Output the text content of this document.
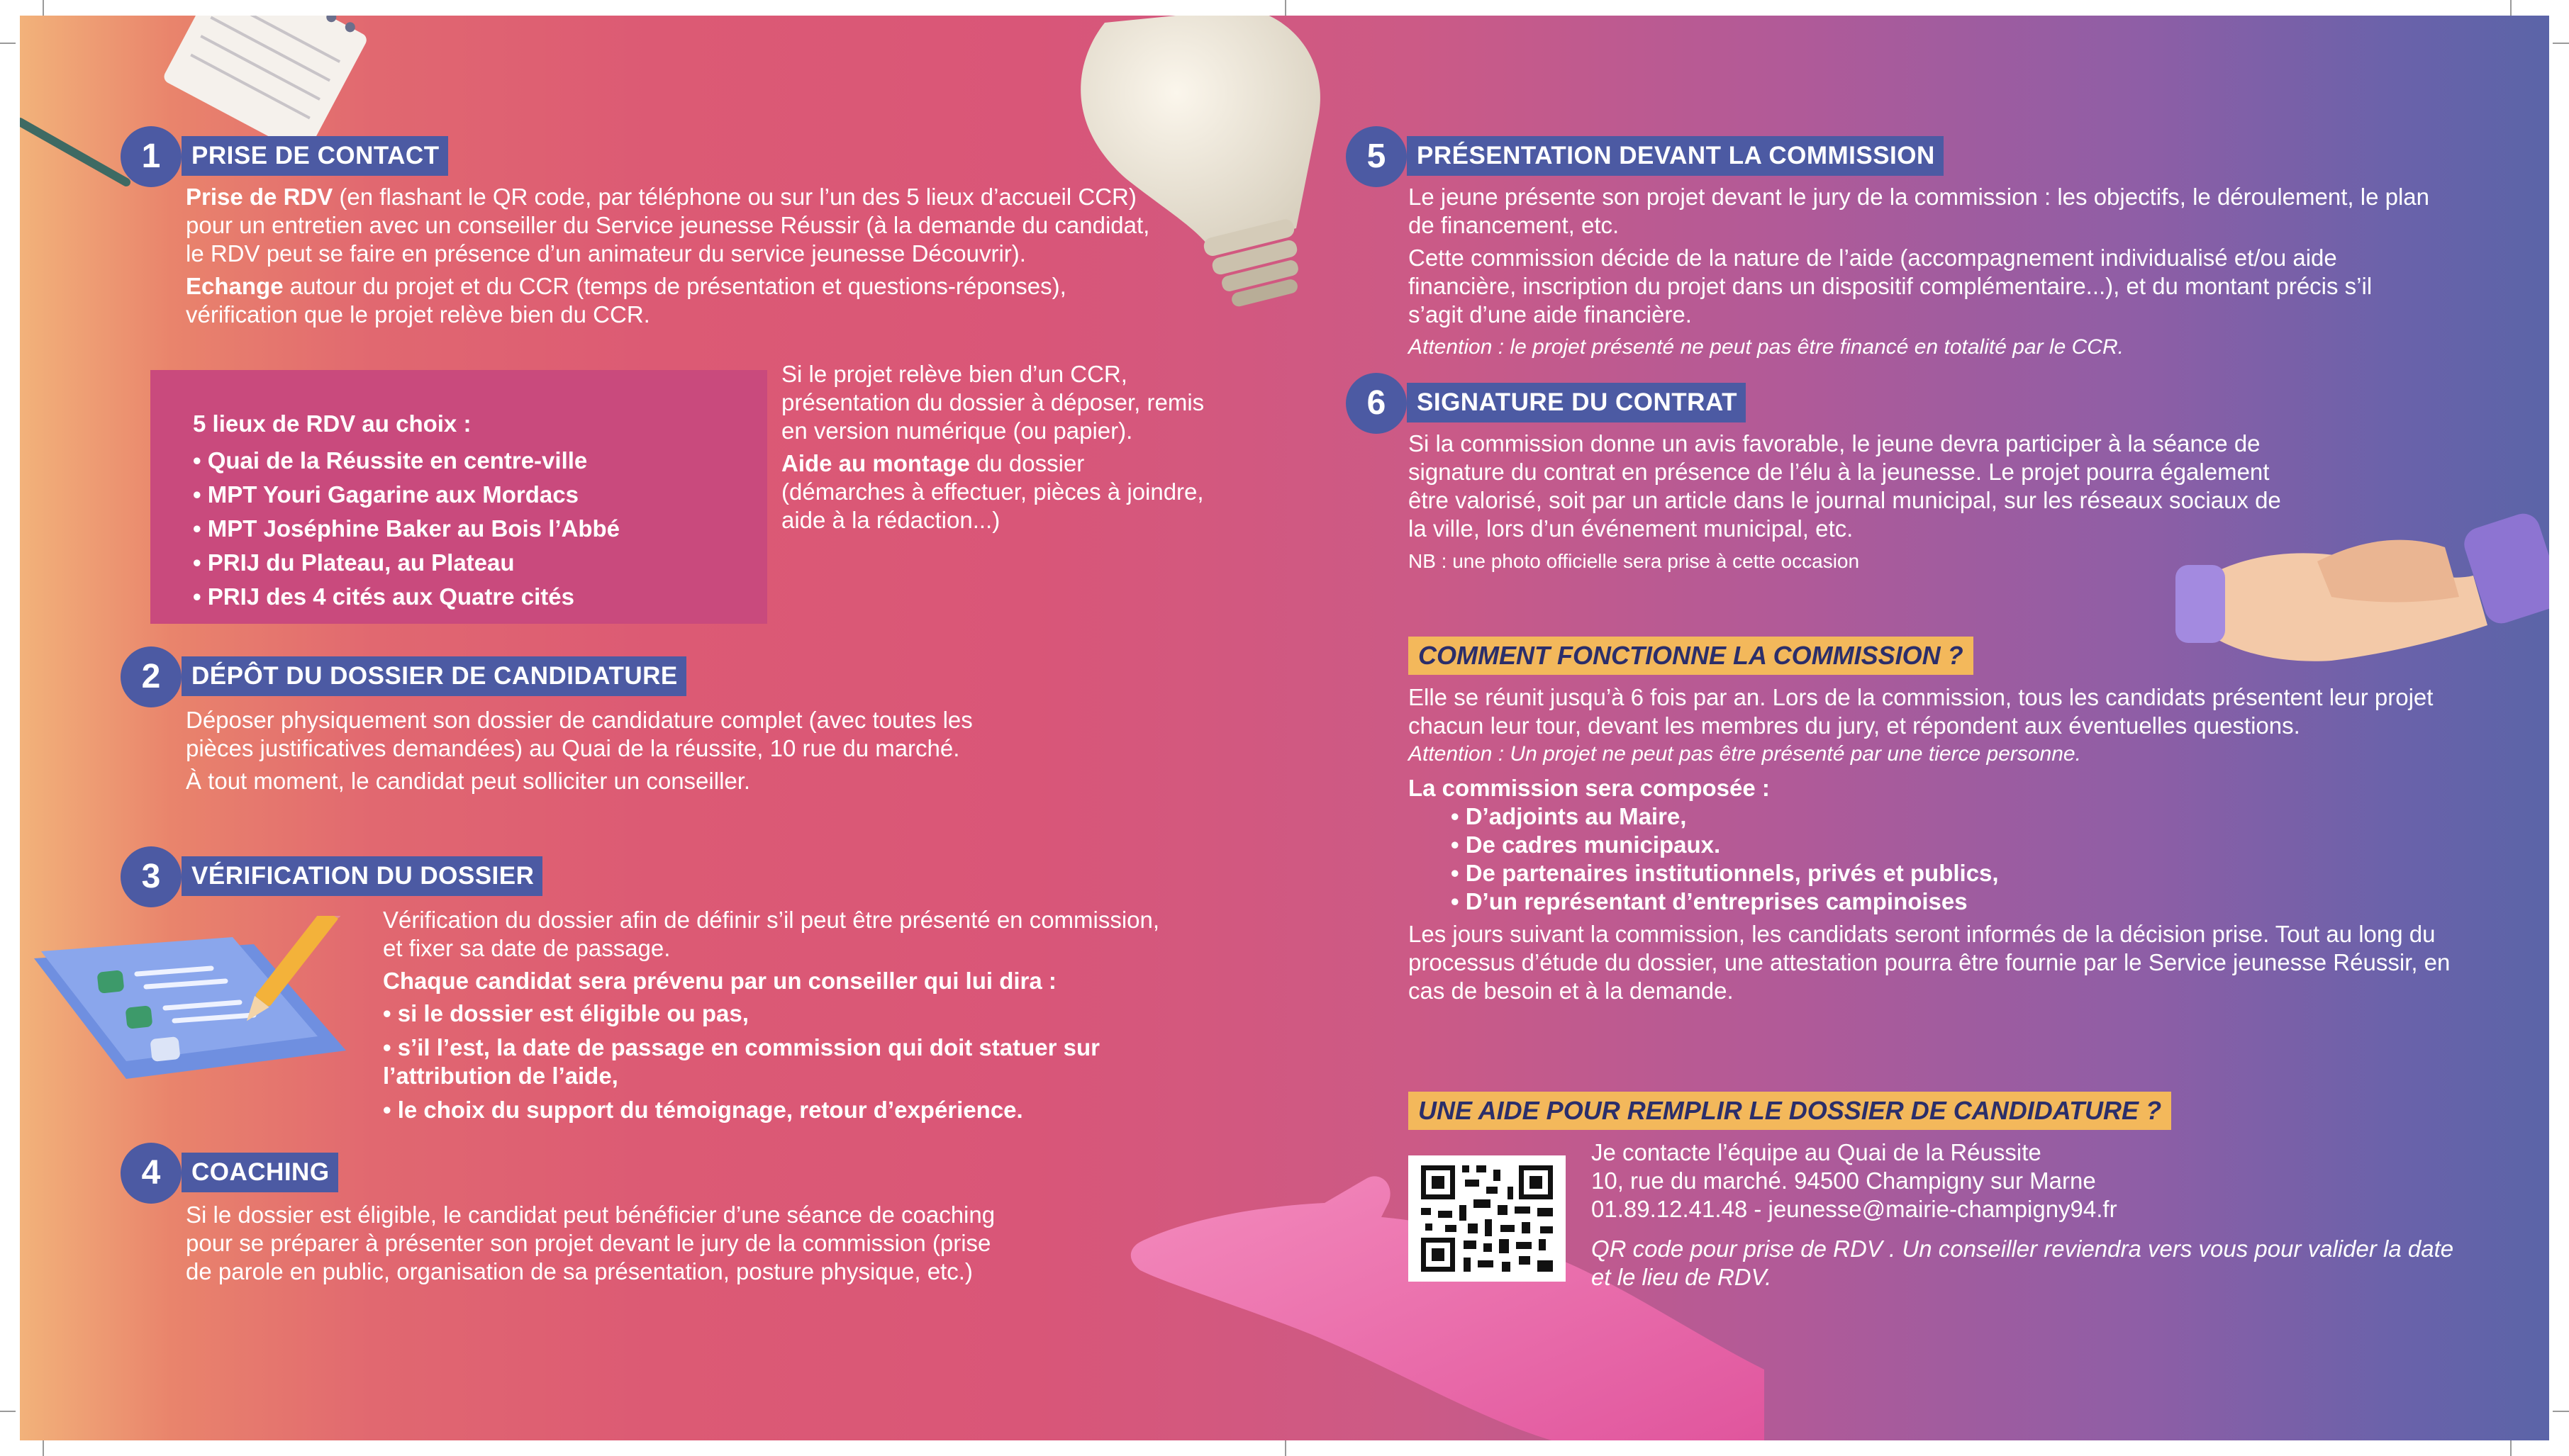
1	PRISE DE CONTACT

Prise de RDV (en flashant le QR code, par téléphone ou sur l’un des 5 lieux d’accueil CCR) pour un entretien avec un conseiller du Service jeunesse Réussir (à la demande du candidat, le RDV peut se faire en présence d’un animateur du service jeunesse Découvrir).

Echange autour du projet et du CCR (temps de présentation et questions-réponses), vérification que le projet relève bien du CCR.

5 lieux de RDV au choix :
• Quai de la Réussite en centre-ville
• MPT Youri Gagarine aux Mordacs
• MPT Joséphine Baker au Bois l’Abbé
• PRIJ du Plateau, au Plateau
• PRIJ des 4 cités aux Quatre cités

Si le projet relève bien d’un CCR, présentation du dossier à déposer, remis en version numérique (ou papier).

Aide au montage du dossier (démarches à effectuer, pièces à joindre, aide à la rédaction...)

2	DÉPÔT DU DOSSIER DE CANDIDATURE

Déposer physiquement son dossier de candidature complet (avec toutes les pièces justificatives demandées) au Quai de la réussite, 10 rue du marché.

À tout moment, le candidat peut solliciter un conseiller.

3	VÉRIFICATION DU DOSSIER

Vérification du dossier afin de définir s’il peut être présenté en commission, et fixer sa date de passage.

Chaque candidat sera prévenu par un conseiller qui lui dira :

• si le dossier est éligible ou pas,
• s’il l’est, la date de passage en commission qui doit statuer sur l’attribution de l’aide,
• le choix du support du témoignage, retour d’expérience.
4	COACHING

Si le dossier est éligible, le candidat peut bénéficier d’une séance de coaching pour se préparer à présenter son projet devant le jury de la commission (prise de parole en public, organisation de sa présentation, posture physique, etc.)

5	PRÉSENTATION DEVANT LA COMMISSION

Le jeune présente son projet devant le jury de la commission : les objectifs, le déroulement, le plan de financement, etc.

Cette commission décide de la nature de l’aide (accompagnement individualisé et/ou aide financière, inscription du projet dans un dispositif complémentaire...), et du montant précis s’il s’agit d’une aide financière.

Attention : le projet présenté ne peut pas être financé en totalité par le CCR.

6	SIGNATURE DU CONTRAT

Si la commission donne un avis favorable, le jeune devra participer à la séance de signature du contrat en présence de l’élu à la jeunesse. Le projet pourra également être valorisé, soit par un article dans le journal municipal, sur les réseaux sociaux de la ville, lors d’un événement municipal, etc.

NB : une photo officielle sera prise à cette occasion

COMMENT FONCTIONNE LA COMMISSION ?

Elle se réunit jusqu’à 6 fois par an. Lors de la commission, tous les candidats présentent leur projet chacun leur tour, devant les membres du jury, et répondent aux éventuelles questions.

Attention : Un projet ne peut pas être présenté par une tierce personne.

La commission sera composée :

• D’adjoints au Maire,
• De cadres municipaux.
• De partenaires institutionnels, privés et publics,
• D’un représentant d’entreprises campinoises

Les jours suivant la commission, les candidats seront informés de la décision prise. Tout au long du processus d’étude du dossier, une attestation pourra être fournie par le Service jeunesse Réussir, en cas de besoin et à la demande.

UNE AIDE POUR REMPLIR LE DOSSIER DE CANDIDATURE ?
Je contacte l’équipe au Quai de la Réussite
10, rue du marché. 94500 Champigny sur Marne
01.89.12.41.48 - jeunesse@mairie-champigny94.fr
QR code pour prise de RDV . Un conseiller reviendra vers vous pour valider la date et le lieu de RDV.
